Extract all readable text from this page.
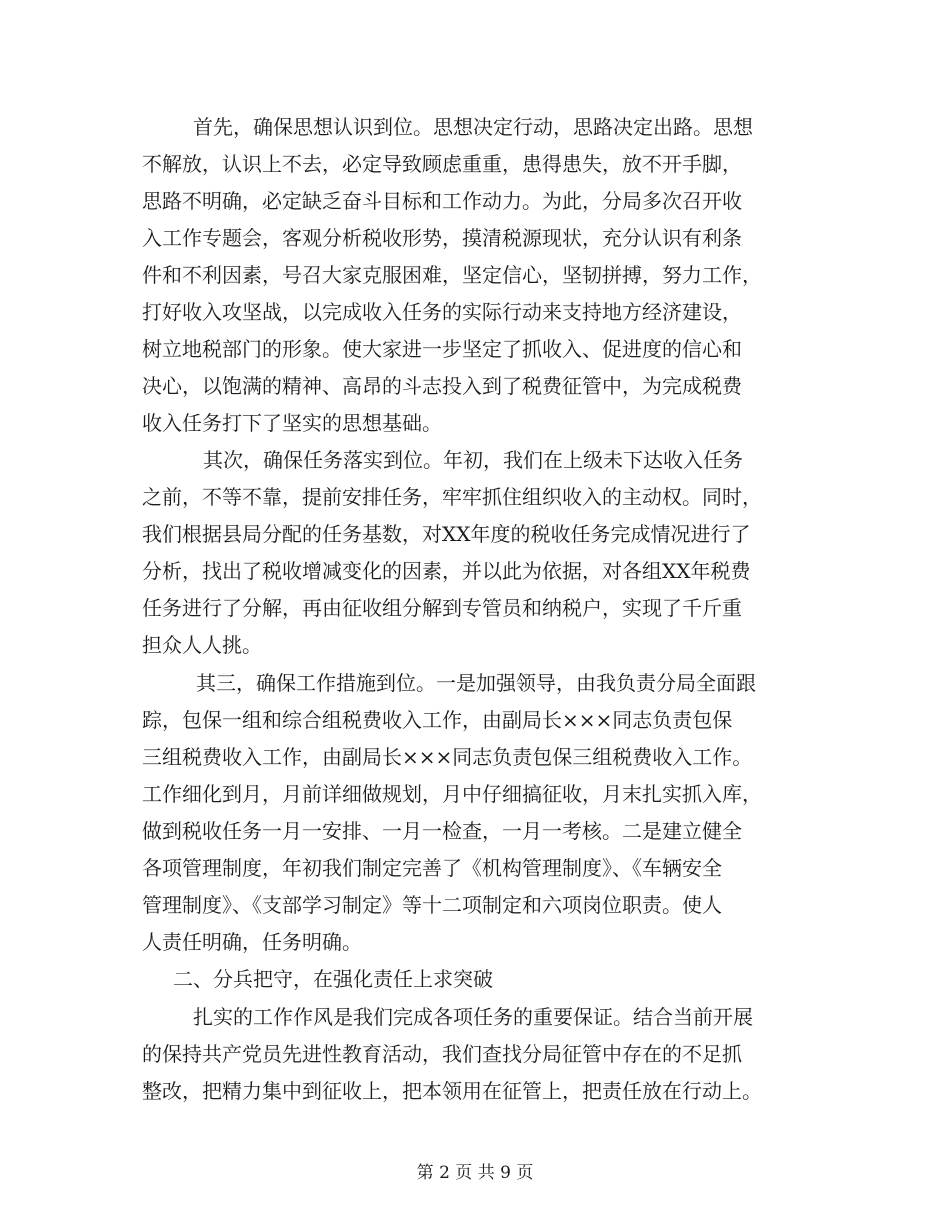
首先，确保思想认识到位。思想决定行动，思路决定出路。思想
不解放，认识上不去，必定导致顾虑重重，患得患失，放不开手脚，
思路不明确，必定缺乏奋斗目标和工作动力。为此，分局多次召开收
入工作专题会，客观分析税收形势，摸清税源现状，充分认识有利条
件和不利因素，号召大家克服困难，坚定信心，坚韧拼搏，努力工作，
打好收入攻坚战，以完成收入任务的实际行动来支持地方经济建设，
树立地税部门的形象。使大家进一步坚定了抓收入、促进度的信心和
决心，以饱满的精神、高昂的斗志投入到了税费征管中，为完成税费
收入任务打下了坚实的思想基础。
其次，确保任务落实到位。年初，我们在上级未下达收入任务
之前，不等不靠，提前安排任务，牢牢抓住组织收入的主动权。同时，
我们根据县局分配的任务基数，对XX年度的税收任务完成情况进行了
分析，找出了税收增减变化的因素，并以此为依据，对各组XX年税费
任务进行了分解，再由征收组分解到专管员和纳税户，实现了千斤重
担众人人挑。
其三，确保工作措施到位。一是加强领导，由我负责分局全面跟
踪，包保一组和综合组税费收入工作，由副局长×××同志负责包保
三组税费收入工作，由副局长×××同志负责包保三组税费收入工作。
工作细化到月，月前详细做规划，月中仔细搞征收，月末扎实抓入库，
做到税收任务一月一安排、一月一检查，一月一考核。二是建立健全
各项管理制度，年初我们制定完善了《机构管理制度》、《车辆安全
管理制度》、《支部学习制定》等十二项制定和六项岗位职责。使人
人责任明确，任务明确。
二、分兵把守，在强化责任上求突破
扎实的工作作风是我们完成各项任务的重要保证。结合当前开展
的保持共产党员先进性教育活动，我们查找分局征管中存在的不足抓
整改，把精力集中到征收上，把本领用在征管上，把责任放在行动上。
第 2 页 共 9 页
